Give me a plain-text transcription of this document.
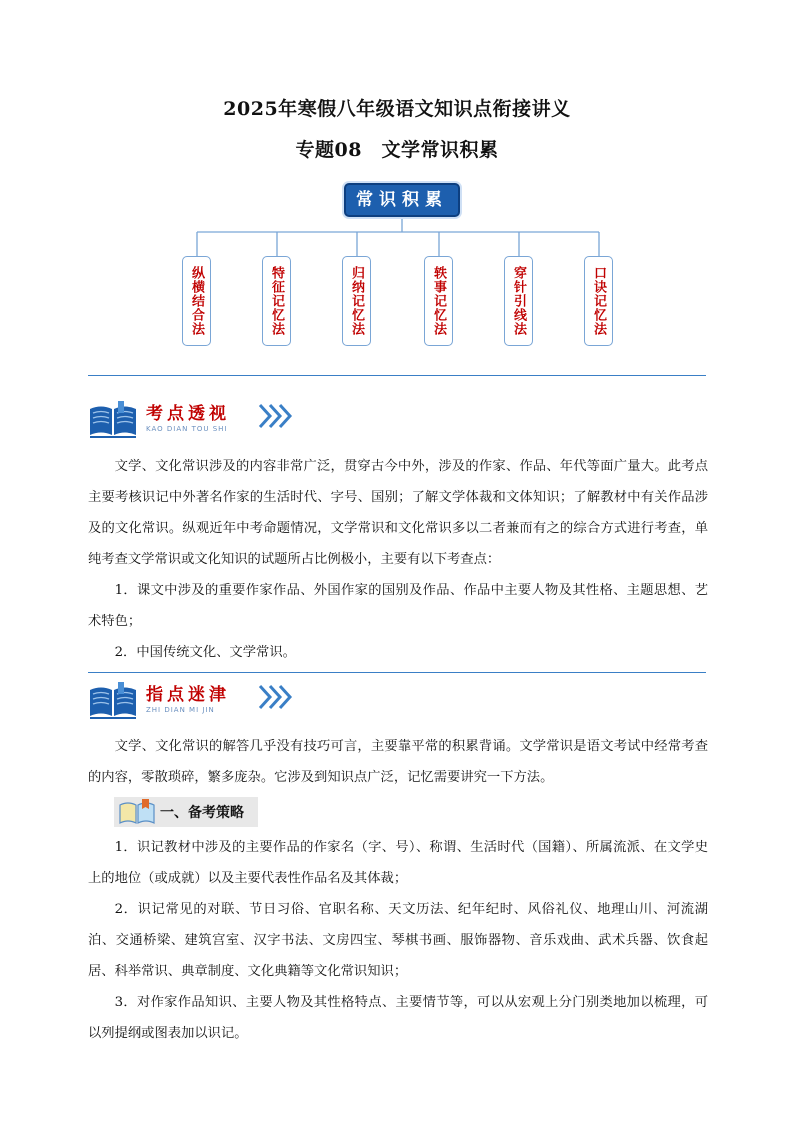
2025年寒假八年级语文知识点衔接讲义
专题08　文学常识积累
常识积累
纵横结合法	特征记忆法	归纳记忆法	轶事记忆法	穿针引线法	口诀记忆法
考点透视
KAO DIAN TOU SHI

文学、文化常识涉及的内容非常广泛，贯穿古今中外，涉及的作家、作品、年代等面广量大。此考点主要考核识记中外著名作家的生活时代、字号、国别；了解文学体裁和文体知识；了解教材中有关作品涉及的文化常识。纵观近年中考命题情况，文学常识和文化常识多以二者兼而有之的综合方式进行考查，单纯考查文学常识或文化知识的试题所占比例极小，主要有以下考查点：

1．课文中涉及的重要作家作品、外国作家的国别及作品、作品中主要人物及其性格、主题思想、艺术特色；

2．中国传统文化、文学常识。

指点迷津
ZHI DIAN MI JIN

文学、文化常识的解答几乎没有技巧可言，主要靠平常的积累背诵。文学常识是语文考试中经常考查的内容，零散琐碎，繁多庞杂。它涉及到知识点广泛，记忆需要讲究一下方法。

一、备考策略

1．识记教材中涉及的主要作品的作家名（字、号）、称谓、生活时代（国籍）、所属流派、在文学史上的地位（或成就）以及主要代表性作品名及其体裁；

2．识记常见的对联、节日习俗、官职名称、天文历法、纪年纪时、风俗礼仪、地理山川、河流湖泊、交通桥梁、建筑宫室、汉字书法、文房四宝、琴棋书画、服饰器物、音乐戏曲、武术兵器、饮食起居、科举常识、典章制度、文化典籍等文化常识知识；

3．对作家作品知识、主要人物及其性格特点、主要情节等，可以从宏观上分门别类地加以梳理，可以列提纲或图表加以识记。
